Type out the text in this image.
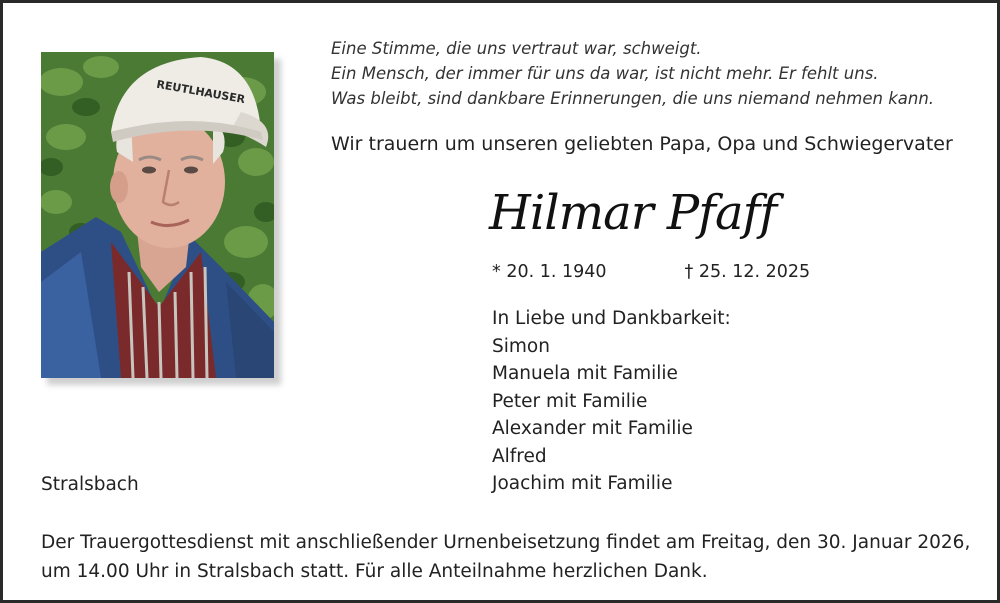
REUTLHAUSER
Eine Stimme, die uns vertraut war, schweigt.
Ein Mensch, der immer für uns da war, ist nicht mehr. Er fehlt uns.
Was bleibt, sind dankbare Erinnerungen, die uns niemand nehmen kann.
Wir trauern um unseren geliebten Papa, Opa und Schwiegervater
Hilmar Pfaff
* 20. 1. 1940	† 25. 12. 2025
In Liebe und Dankbarkeit:
Simon
Manuela mit Familie
Peter mit Familie
Alexander mit Familie
Alfred
Joachim mit Familie
Stralsbach
Der Trauergottesdienst mit anschließender Urnenbeisetzung findet am Freitag, den 30. Januar 2026,
um 14.00 Uhr in Stralsbach statt. Für alle Anteilnahme herzlichen Dank.
